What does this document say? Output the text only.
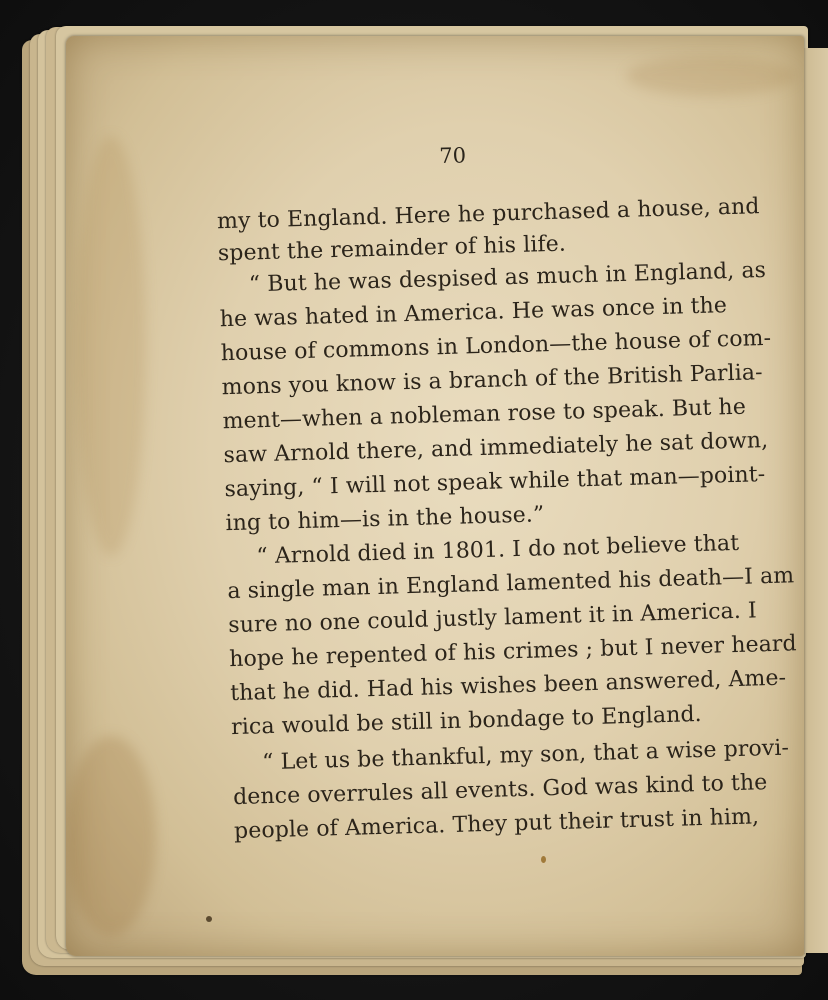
70
my to England. Here he purchased a house, and
spent the remainder of his life.
“ But he was despised as much in England, as
he was hated in America. He was once in the
house of commons in London—the house of com-
mons you know is a branch of the British Parlia-
ment—when a nobleman rose to speak. But he
saw Arnold there, and immediately he sat down,
saying, “ I will not speak while that man—point-
ing to him—is in the house.”
“ Arnold died in 1801. I do not believe that
a single man in England lamented his death—I am
sure no one could justly lament it in America. I
hope he repented of his crimes ; but I never heard
that he did. Had his wishes been answered, Ame-
rica would be still in bondage to England.
“ Let us be thankful, my son, that a wise provi-
dence overrules all events. God was kind to the
people of America. They put their trust in him,
